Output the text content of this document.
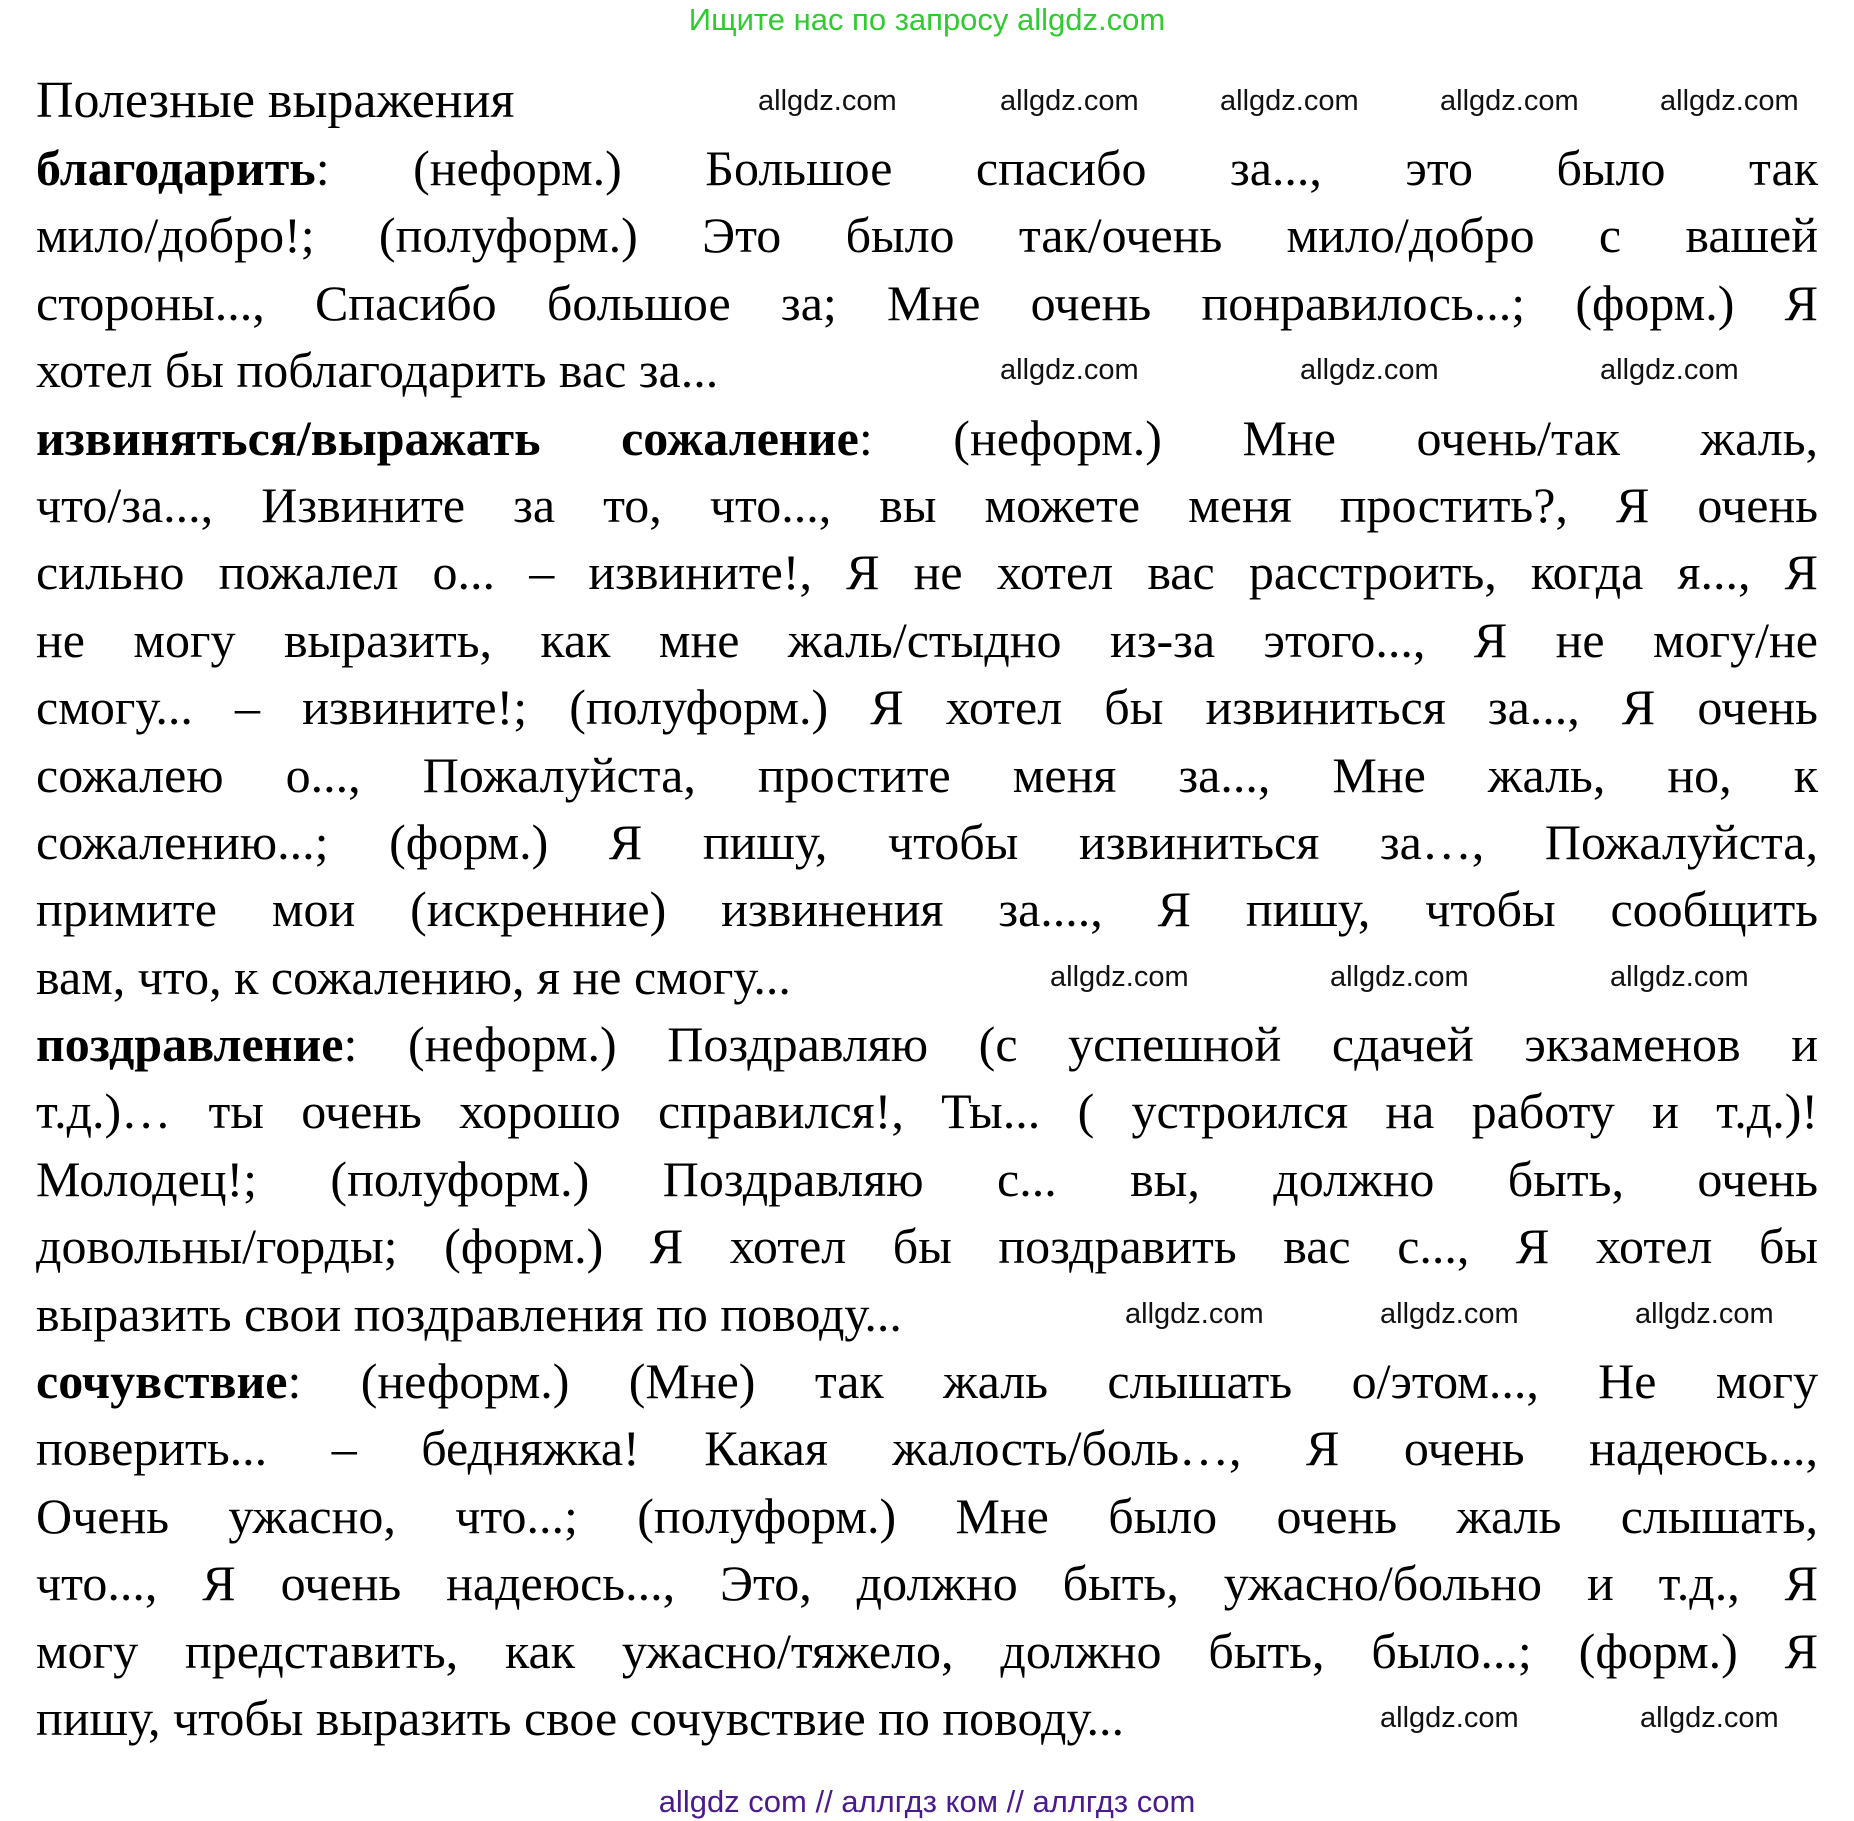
Ищите нас по запросу allgdz.com
Полезные выражения
благодарить: (неформ.) Большое спасибо за..., это было так
мило/добро!; (полуформ.) Это было так/очень мило/добро с вашей
стороны..., Спасибо большое за; Мне очень понравилось...; (форм.) Я
хотел бы поблагодарить вас за...
извиняться/выражать сожаление: (неформ.) Мне очень/так жаль,
что/за..., Извините за то, что..., вы можете меня простить?, Я очень
сильно пожалел о... – извините!, Я не хотел вас расстроить, когда я..., Я
не могу выразить, как мне жаль/стыдно из-за этого..., Я не могу/не
смогу... – извините!; (полуформ.) Я хотел бы извиниться за..., Я очень
сожалею о..., Пожалуйста, простите меня за..., Мне жаль, но, к
сожалению...; (форм.) Я пишу, чтобы извиниться за…, Пожалуйста,
примите мои (искренние) извинения за...., Я пишу, чтобы сообщить
вам, что, к сожалению, я не смогу...
поздравление: (неформ.) Поздравляю (с успешной сдачей экзаменов и
т.д.)… ты очень хорошо справился!, Ты... ( устроился на работу и т.д.)!
Молодец!; (полуформ.) Поздравляю с... вы, должно быть, очень
довольны/горды; (форм.) Я хотел бы поздравить вас с..., Я хотел бы
выразить свои поздравления по поводу...
сочувствие: (неформ.) (Мне) так жаль слышать о/этом..., Не могу
поверить... – бедняжка! Какая жалость/боль…, Я очень надеюсь...,
Очень ужасно, что...; (полуформ.) Мне было очень жаль слышать,
что..., Я очень надеюсь..., Это, должно быть, ужасно/больно и т.д., Я
могу представить, как ужасно/тяжело, должно быть, было...; (форм.) Я
пишу, чтобы выразить свое сочувствие по поводу...
allgdz.com	allgdz.com	allgdz.com	allgdz.com	allgdz.com
allgdz.com	allgdz.com	allgdz.com
allgdz.com	allgdz.com	allgdz.com
allgdz.com	allgdz.com	allgdz.com
allgdz.com	allgdz.com
allgdz com // аллгдз ком // аллгдз com
